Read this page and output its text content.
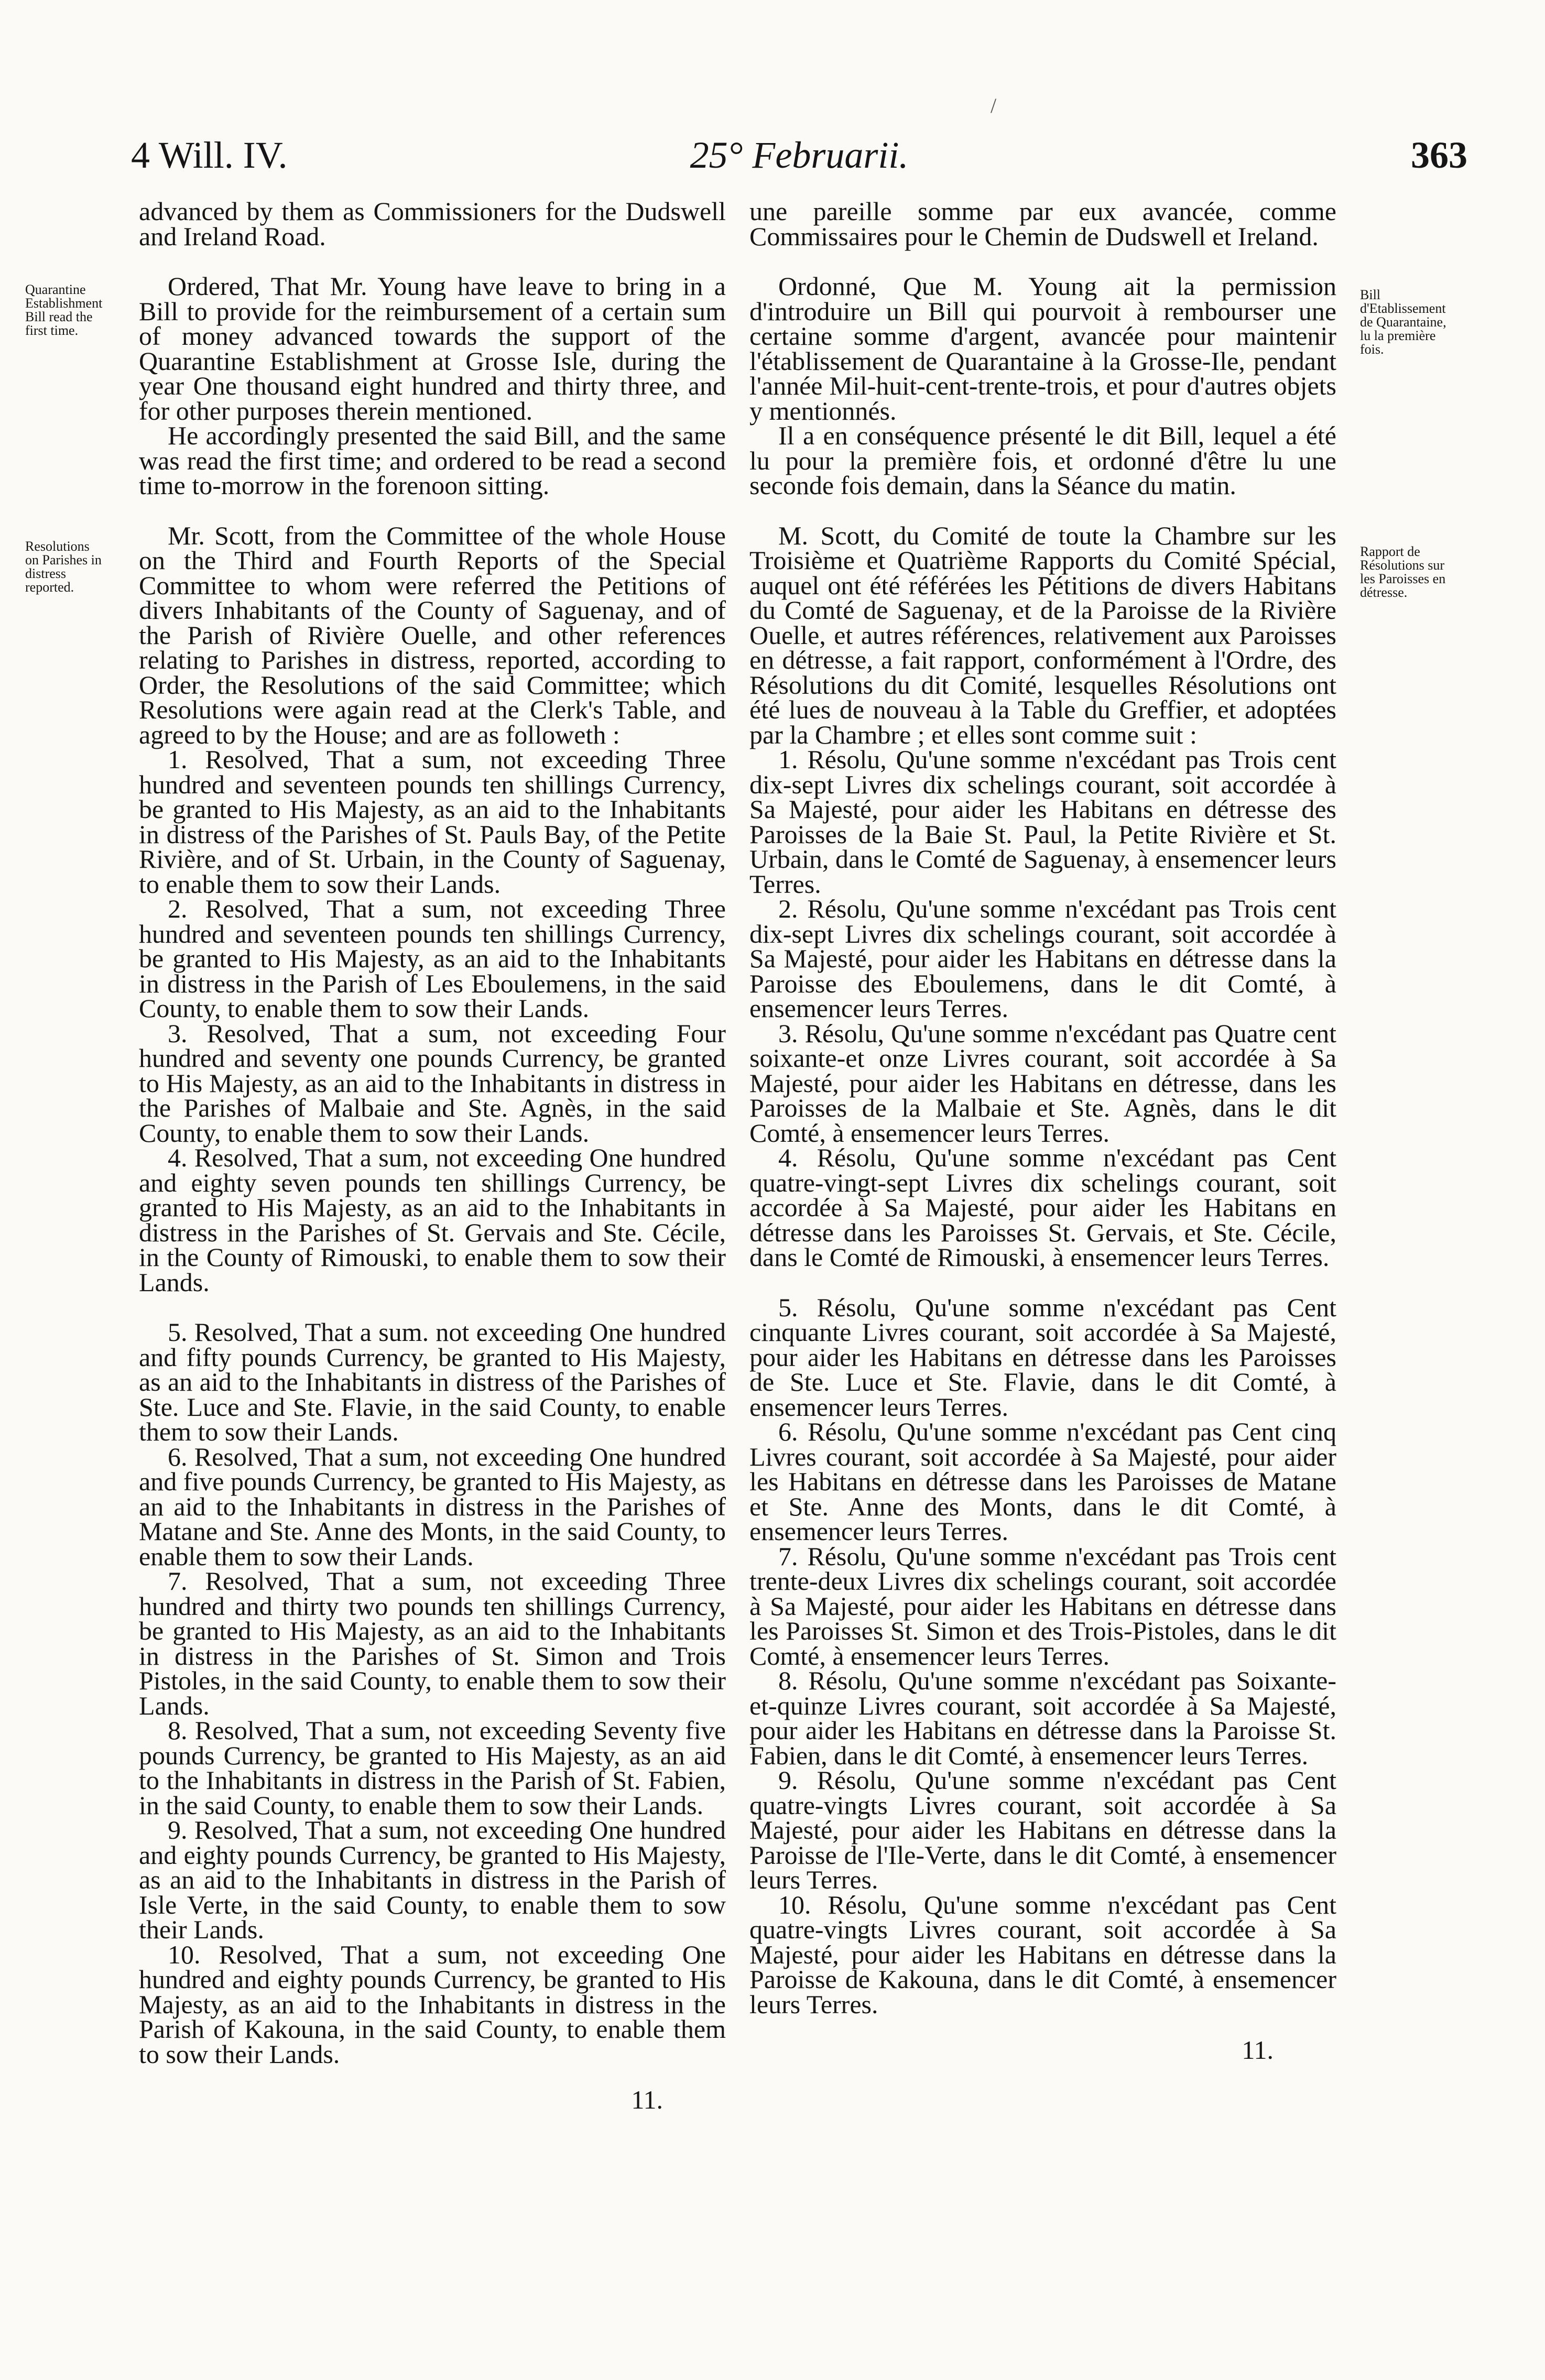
/
4 Will. IV.	25° Februarii.	363
Quarantine Establishment Bill read the first time.
Resolutions on Parishes in distress reported.
Bill d'Etablissement de Quarantaine, lu la première fois.
Rapport de Résolutions sur les Paroisses en détresse.

advanced by them as Commissioners for the Dudswell and Ireland Road.

Ordered, That Mr. Young have leave to bring in a Bill to provide for the reimbursement of a certain sum of money advanced towards the support of the Quarantine Establishment at Grosse Isle, during the year One thousand eight hundred and thirty three, and for other purposes therein mentioned.

He accordingly presented the said Bill, and the same was read the first time; and ordered to be read a second time to-morrow in the forenoon sitting.

Mr. Scott, from the Committee of the whole House on the Third and Fourth Reports of the Special Committee to whom were referred the Petitions of divers Inhabitants of the County of Saguenay, and of the Parish of Rivière Ouelle, and other references relating to Parishes in distress, reported, according to Order, the Resolutions of the said Committee; which Resolutions were again read at the Clerk's Table, and agreed to by the House; and are as followeth :

1. Resolved, That a sum, not exceeding Three hundred and seventeen pounds ten shillings Currency, be granted to His Majesty, as an aid to the Inhabitants in distress of the Parishes of St. Pauls Bay, of the Petite Rivière, and of St. Urbain, in the County of Saguenay, to enable them to sow their Lands.

2. Resolved, That a sum, not exceeding Three hundred and seventeen pounds ten shillings Currency, be granted to His Majesty, as an aid to the Inhabitants in distress in the Parish of Les Eboulemens, in the said County, to enable them to sow their Lands.

3. Resolved, That a sum, not exceeding Four hundred and seventy one pounds Currency, be granted to His Majesty, as an aid to the Inhabitants in distress in the Parishes of Malbaie and Ste. Agnès, in the said County, to enable them to sow their Lands.

4. Resolved, That a sum, not exceeding One hundred and eighty seven pounds ten shillings Currency, be granted to His Majesty, as an aid to the Inhabitants in distress in the Parishes of St. Gervais and Ste. Cécile, in the County of Rimouski, to enable them to sow their Lands.

5. Resolved, That a sum. not exceeding One hundred and fifty pounds Currency, be granted to His Majesty, as an aid to the Inhabitants in distress of the Parishes of Ste. Luce and Ste. Flavie, in the said County, to enable them to sow their Lands.

6. Resolved, That a sum, not exceeding One hundred and five pounds Currency, be granted to His Majesty, as an aid to the Inhabitants in distress in the Parishes of Matane and Ste. Anne des Monts, in the said County, to enable them to sow their Lands.

7. Resolved, That a sum, not exceeding Three hundred and thirty two pounds ten shillings Currency, be granted to His Majesty, as an aid to the Inhabitants in distress in the Parishes of St. Simon and Trois Pistoles, in the said County, to enable them to sow their Lands.

8. Resolved, That a sum, not exceeding Seventy five pounds Currency, be granted to His Majesty, as an aid to the Inhabitants in distress in the Parish of St. Fabien, in the said County, to enable them to sow their Lands.

9. Resolved, That a sum, not exceeding One hundred and eighty pounds Currency, be granted to His Majesty, as an aid to the Inhabitants in distress in the Parish of Isle Verte, in the said County, to enable them to sow their Lands.

10. Resolved, That a sum, not exceeding One hundred and eighty pounds Currency, be granted to His Majesty, as an aid to the Inhabitants in distress in the Parish of Kakouna, in the said County, to enable them to sow their Lands.

11.

une pareille somme par eux avancée, comme Commissaires pour le Chemin de Dudswell et Ireland.

Ordonné, Que M. Young ait la permission d'introduire un Bill qui pourvoit à rembourser une certaine somme d'argent, avancée pour maintenir l'établissement de Quarantaine à la Grosse-Ile, pendant l'année Mil-huit-cent-trente-trois, et pour d'autres objets y mentionnés.

Il a en conséquence présenté le dit Bill, lequel a été lu pour la première fois, et ordonné d'être lu une seconde fois demain, dans la Séance du matin.

M. Scott, du Comité de toute la Chambre sur les Troisième et Quatrième Rapports du Comité Spécial, auquel ont été référées les Pétitions de divers Habitans du Comté de Saguenay, et de la Paroisse de la Rivière Ouelle, et autres références, relativement aux Paroisses en détresse, a fait rapport, conformément à l'Ordre, des Résolutions du dit Comité, lesquelles Résolutions ont été lues de nouveau à la Table du Greffier, et adoptées par la Chambre ; et elles sont comme suit :

1. Résolu, Qu'une somme n'excédant pas Trois cent dix-sept Livres dix schelings courant, soit accordée à Sa Majesté, pour aider les Habitans en détresse des Paroisses de la Baie St. Paul, la Petite Rivière et St. Urbain, dans le Comté de Saguenay, à ensemencer leurs Terres.

2. Résolu, Qu'une somme n'excédant pas Trois cent dix-sept Livres dix schelings courant, soit accordée à Sa Majesté, pour aider les Habitans en détresse dans la Paroisse des Eboulemens, dans le dit Comté, à ensemencer leurs Terres.

3. Résolu, Qu'une somme n'excédant pas Quatre cent soixante-et onze Livres courant, soit accordée à Sa Majesté, pour aider les Habitans en détresse, dans les Paroisses de la Malbaie et Ste. Agnès, dans le dit Comté, à ensemencer leurs Terres.

4. Résolu, Qu'une somme n'excédant pas Cent quatre-vingt-sept Livres dix schelings courant, soit accordée à Sa Majesté, pour aider les Habitans en détresse dans les Paroisses St. Gervais, et Ste. Cécile, dans le Comté de Rimouski, à ensemencer leurs Terres.

5. Résolu, Qu'une somme n'excédant pas Cent cinquante Livres courant, soit accordée à Sa Majesté, pour aider les Habitans en détresse dans les Paroisses de Ste. Luce et Ste. Flavie, dans le dit Comté, à ensemencer leurs Terres.

6. Résolu, Qu'une somme n'excédant pas Cent cinq Livres courant, soit accordée à Sa Majesté, pour aider les Habitans en détresse dans les Paroisses de Matane et Ste. Anne des Monts, dans le dit Comté, à ensemencer leurs Terres.

7. Résolu, Qu'une somme n'excédant pas Trois cent trente-deux Livres dix schelings courant, soit accordée à Sa Majesté, pour aider les Habitans en détresse dans les Paroisses St. Simon et des Trois-Pistoles, dans le dit Comté, à ensemencer leurs Terres.

8. Résolu, Qu'une somme n'excédant pas Soixante-et-quinze Livres courant, soit accordée à Sa Majesté, pour aider les Habitans en détresse dans la Paroisse St. Fabien, dans le dit Comté, à ensemencer leurs Terres.

9. Résolu, Qu'une somme n'excédant pas Cent quatre-vingts Livres courant, soit accordée à Sa Majesté, pour aider les Habitans en détresse dans la Paroisse de l'Ile-Verte, dans le dit Comté, à ensemencer leurs Terres.

10. Résolu, Qu'une somme n'excédant pas Cent quatre-vingts Livres courant, soit accordée à Sa Majesté, pour aider les Habitans en détresse dans la Paroisse de Kakouna, dans le dit Comté, à ensemencer leurs Terres.

11.
